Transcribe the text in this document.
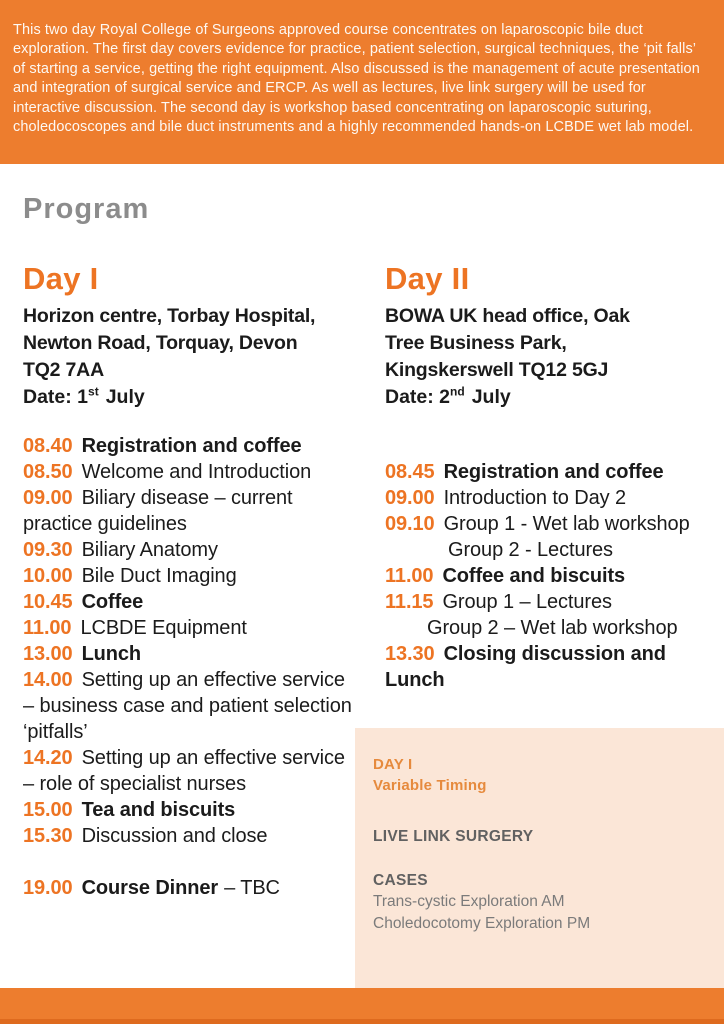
This two day Royal College of Surgeons approved course concentrates on laparoscopic bile duct exploration. The first day covers evidence for practice, patient selection, surgical techniques, the ‘pit falls’ of starting a service, getting the right equipment. Also discussed is the management of acute presentation and integration of surgical service and ERCP. As well as lectures, live link surgery will be used for interactive discussion. The second day is workshop based concentrating on laparoscopic suturing, choledocoscopes and bile duct instruments and a highly recommended hands-on LCBDE wet lab model.
Program
Day I
Horizon centre, Torbay Hospital,
Newton Road, Torquay, Devon
TQ2 7AA
Date: 1st July
08.40 Registration and coffee
08.50 Welcome and Introduction
09.00 Biliary disease – current practice guidelines
09.30 Biliary Anatomy
10.00 Bile Duct Imaging
10.45 Coffee
11.00 LCBDE Equipment
13.00 Lunch
14.00 Setting up an effective service – business case and patient selection ‘pitfalls’
14.20 Setting up an effective service – role of specialist nurses
15.00 Tea and biscuits
15.30 Discussion and close
19.00 Course Dinner – TBC
Day II
BOWA UK head office, Oak
Tree Business Park,
Kingskerswell TQ12 5GJ
Date: 2nd July
08.45 Registration and coffee
09.00 Introduction to Day 2
09.10 Group 1 - Wet lab workshop
Group 2 - Lectures
11.00 Coffee and biscuits
11.15 Group 1 – Lectures
Group 2 – Wet lab workshop
13.30 Closing discussion and Lunch
DAY I
Variable Timing
LIVE LINK SURGERY
CASES
Trans-cystic Exploration AM
Choledocotomy Exploration PM
